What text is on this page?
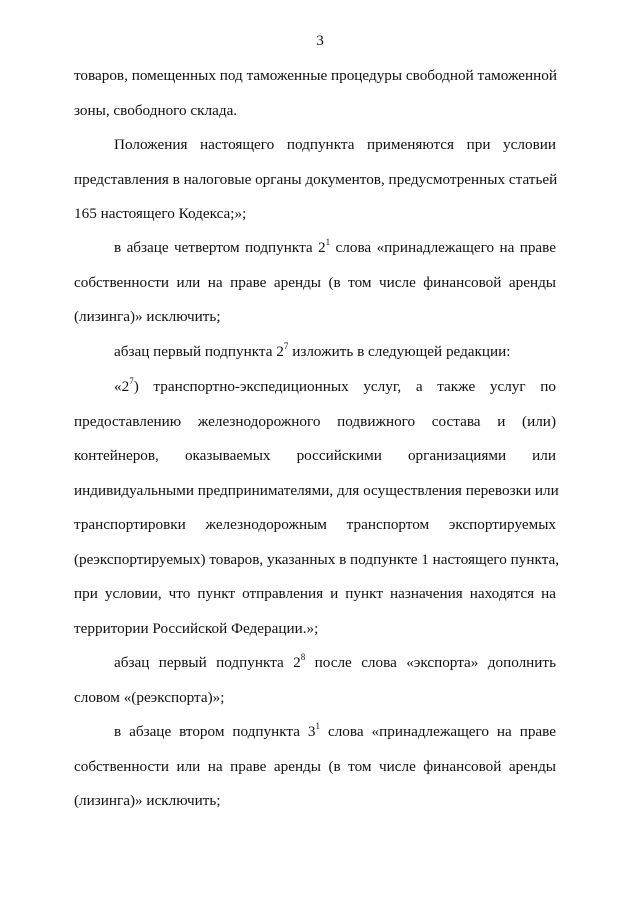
3
товаров, помещенных под таможенные процедуры свободной таможенной
зоны, свободного склада.
Положения настоящего подпункта применяются при условии
представления в налоговые органы документов, предусмотренных статьей
165 настоящего Кодекса;»;
в абзаце четвертом подпункта $2^1$ слова «принадлежащего на праве
собственности или на праве аренды (в том числе финансовой аренды
(лизинга)» исключить;
абзац первый подпункта $2^7$ изложить в следующей редакции:
«$2^7$) транспортно-экспедиционных услуг, а также услуг по
предоставлению железнодорожного подвижного состава и (или)
контейнеров, оказываемых российскими организациями или
индивидуальными предпринимателями, для осуществления перевозки или
транспортировки железнодорожным транспортом экспортируемых
(реэкспортируемых) товаров, указанных в подпункте 1 настоящего пункта,
при условии, что пункт отправления и пункт назначения находятся на
территории Российской Федерации.»;
абзац первый подпункта $2^8$ после слова «экспорта» дополнить
словом «(реэкспорта)»;
в абзаце втором подпункта $3^1$ слова «принадлежащего на праве
собственности или на праве аренды (в том числе финансовой аренды
(лизинга)» исключить;
